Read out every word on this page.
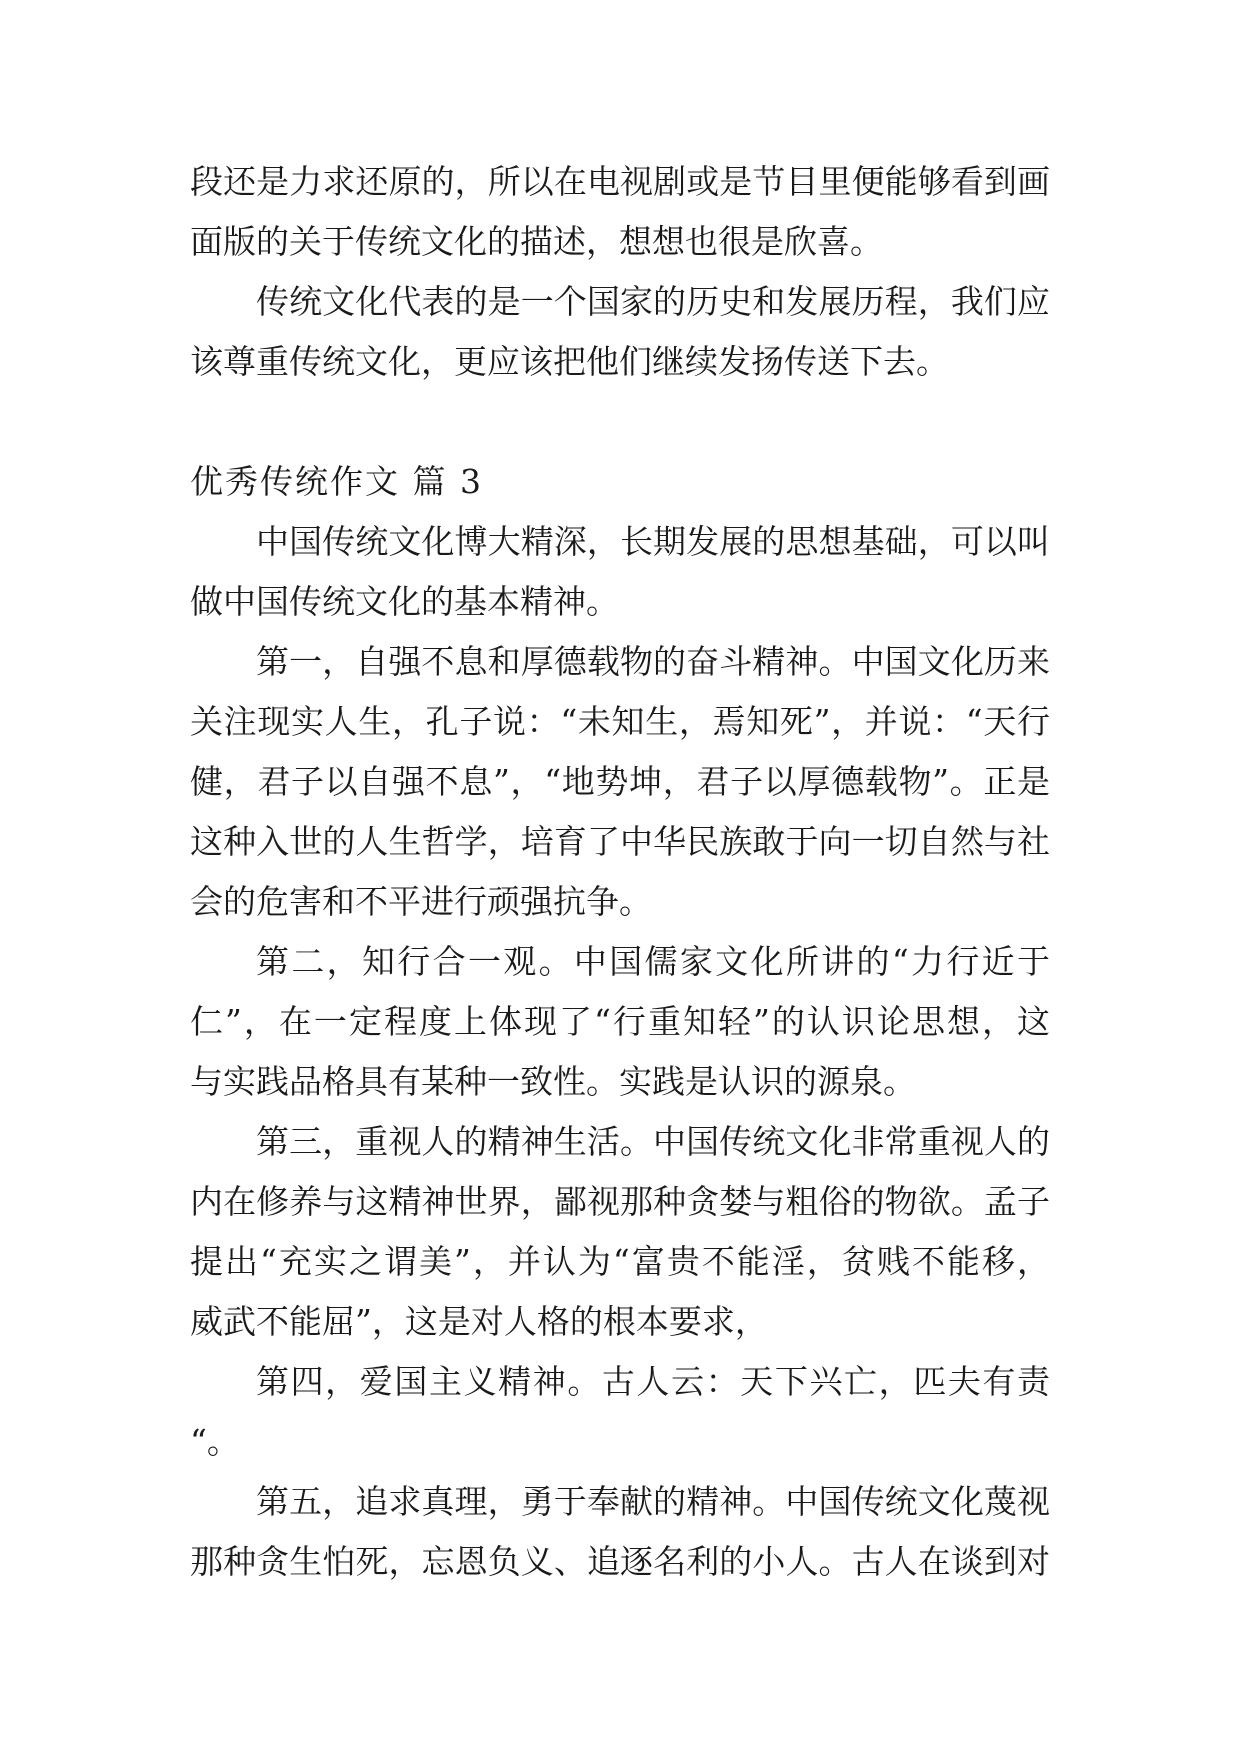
段还是力求还原的，所以在电视剧或是节目里便能够看到画
面版的关于传统文化的描述，想想也很是欣喜。
传统文化代表的是一个国家的历史和发展历程，我们应
该尊重传统文化，更应该把他们继续发扬传送下去。
优秀传统作文 篇 3
中国传统文化博大精深，长期发展的思想基础，可以叫
做中国传统文化的基本精神。
第一，自强不息和厚德载物的奋斗精神。中国文化历来
关注现实人生，孔子说：“未知生，焉知死”，并说：“天行
健，君子以自强不息”，“地势坤，君子以厚德载物”。正是
这种入世的人生哲学，培育了中华民族敢于向一切自然与社
会的危害和不平进行顽强抗争。
第二，知行合一观。中国儒家文化所讲的“力行近于
仁”，在一定程度上体现了“行重知轻”的认识论思想，这
与实践品格具有某种一致性。实践是认识的源泉。
第三，重视人的精神生活。中国传统文化非常重视人的
内在修养与这精神世界，鄙视那种贪婪与粗俗的物欲。孟子
提出“充实之谓美”，并认为“富贵不能淫，贫贱不能移，
威武不能屈”，这是对人格的根本要求，
第四，爱国主义精神。古人云：天下兴亡，匹夫有责
“。
第五，追求真理，勇于奉献的精神。中国传统文化蔑视
那种贪生怕死，忘恩负义、追逐名利的小人。古人在谈到对
